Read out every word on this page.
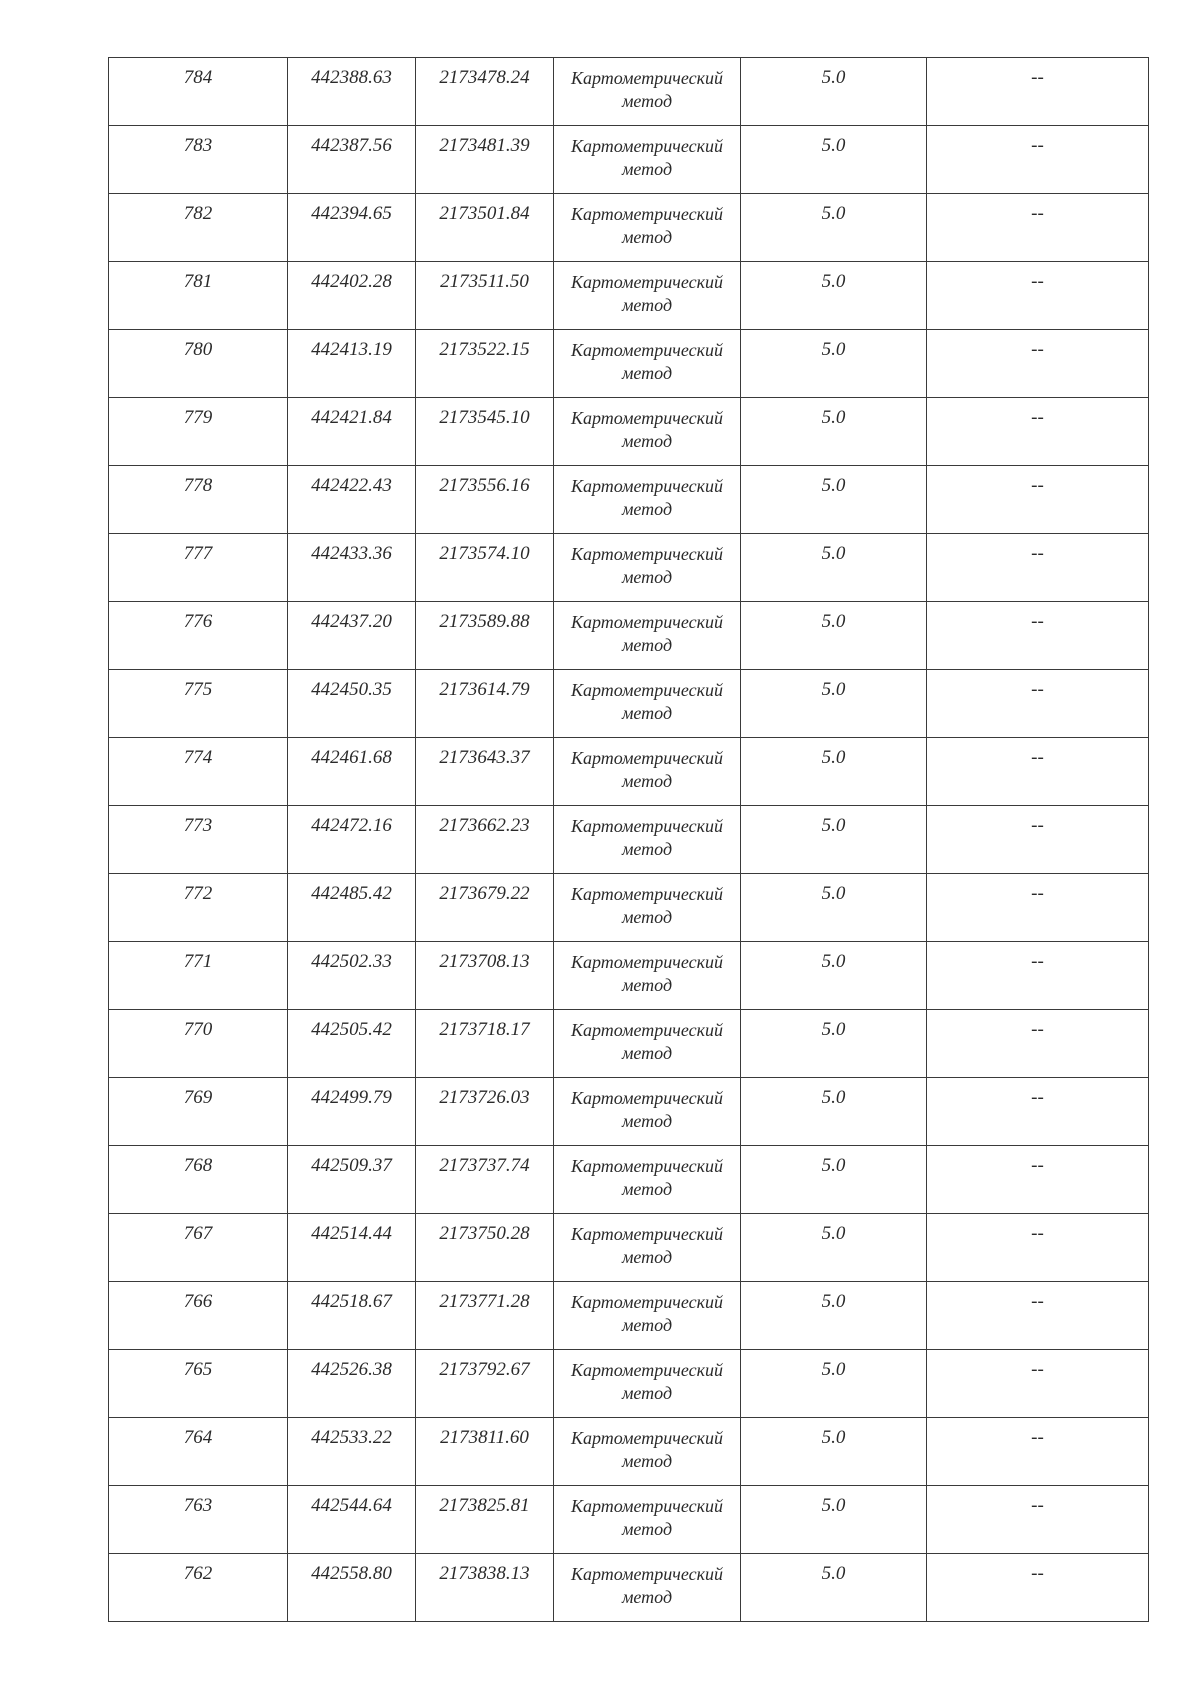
784	442388.63	2173478.24	Картометрический метод	5.0	--
783	442387.56	2173481.39	Картометрический метод	5.0	--
782	442394.65	2173501.84	Картометрический метод	5.0	--
781	442402.28	2173511.50	Картометрический метод	5.0	--
780	442413.19	2173522.15	Картометрический метод	5.0	--
779	442421.84	2173545.10	Картометрический метод	5.0	--
778	442422.43	2173556.16	Картометрический метод	5.0	--
777	442433.36	2173574.10	Картометрический метод	5.0	--
776	442437.20	2173589.88	Картометрический метод	5.0	--
775	442450.35	2173614.79	Картометрический метод	5.0	--
774	442461.68	2173643.37	Картометрический метод	5.0	--
773	442472.16	2173662.23	Картометрический метод	5.0	--
772	442485.42	2173679.22	Картометрический метод	5.0	--
771	442502.33	2173708.13	Картометрический метод	5.0	--
770	442505.42	2173718.17	Картометрический метод	5.0	--
769	442499.79	2173726.03	Картометрический метод	5.0	--
768	442509.37	2173737.74	Картометрический метод	5.0	--
767	442514.44	2173750.28	Картометрический метод	5.0	--
766	442518.67	2173771.28	Картометрический метод	5.0	--
765	442526.38	2173792.67	Картометрический метод	5.0	--
764	442533.22	2173811.60	Картометрический метод	5.0	--
763	442544.64	2173825.81	Картометрический метод	5.0	--
762	442558.80	2173838.13	Картометрический метод	5.0	--
